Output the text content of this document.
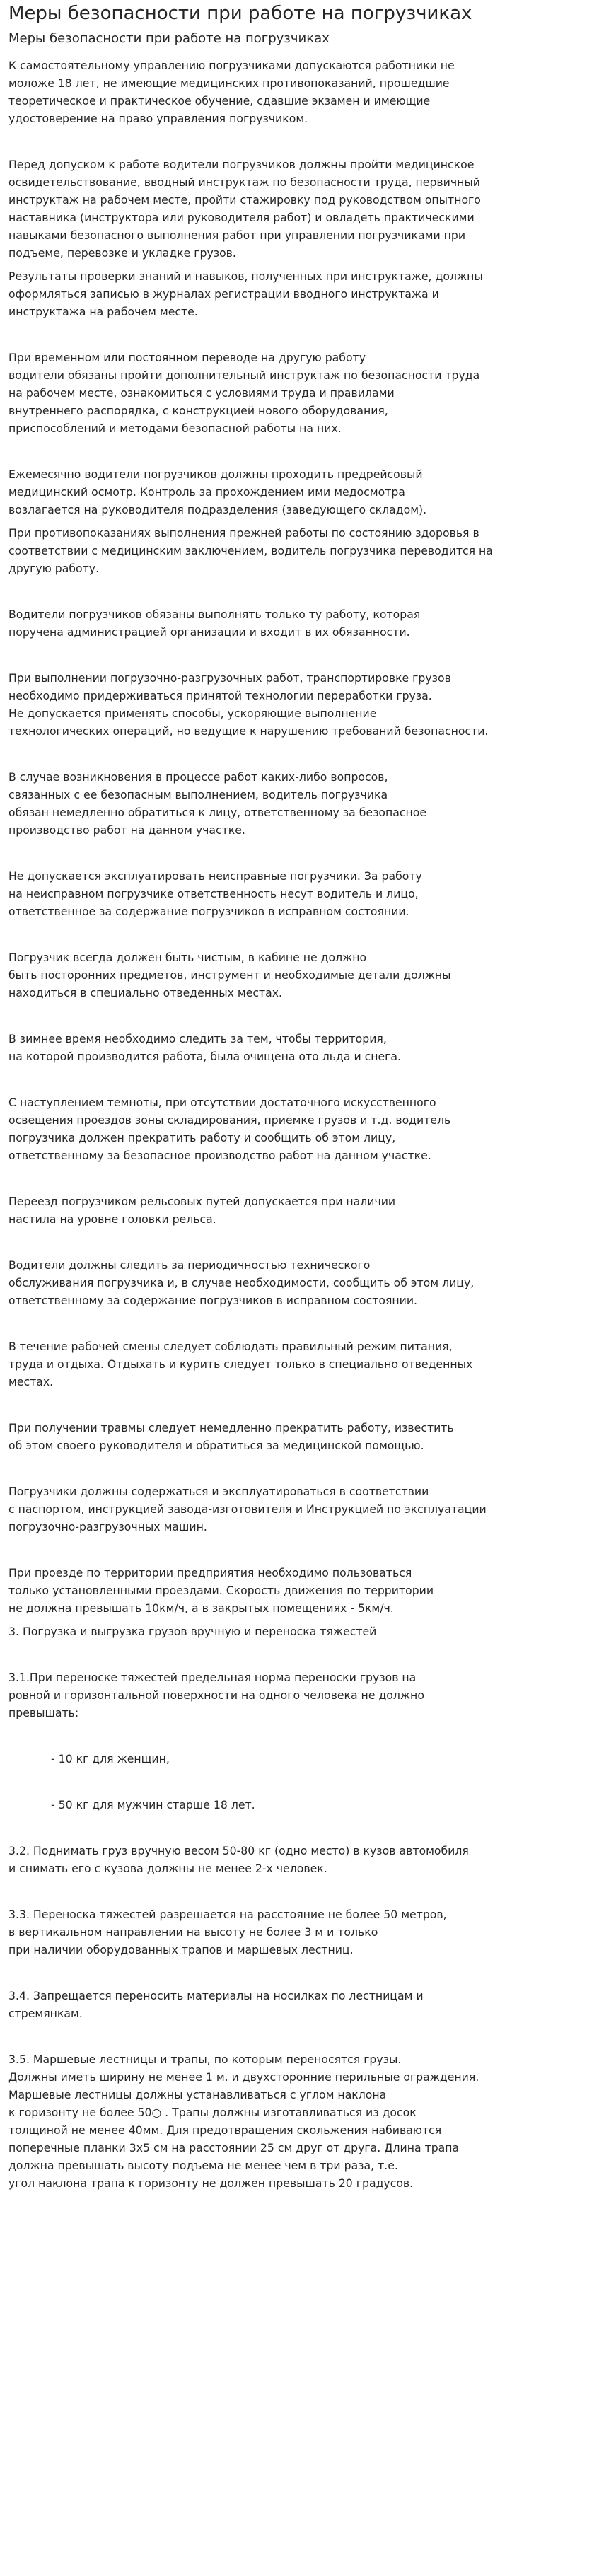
Меры безопасности при работе на погрузчиках
Меры безопасности при работе на погрузчиках

К самостоятельному управлению погрузчиками допускаются работники не
моложе 18 лет, не имеющие медицинских противопоказаний, прошедшие
теоретическое и практическое обучение, сдавшие экзамен и имеющие
удостоверение на право управления погрузчиком.

Перед допуском к работе водители погрузчиков должны пройти медицинское
освидетельствование, вводный инструктаж по безопасности труда, первичный
инструктаж на рабочем месте, пройти стажировку под руководством опытного
наставника (инструктора или руководителя работ) и овладеть практическими
навыками безопасного выполнения работ при управлении погрузчиками при
подъеме, перевозке и укладке грузов.

Результаты проверки знаний и навыков, полученных при инструктаже, должны
оформляться записью в журналах регистрации вводного инструктажа и
инструктажа на рабочем месте.

При временном или постоянном переводе на другую работу
водители обязаны пройти дополнительный инструктаж по безопасности труда
на рабочем месте, ознакомиться с условиями труда и правилами
внутреннего распорядка, с конструкцией нового оборудования,
приспособлений и методами безопасной работы на них.

Ежемесячно водители погрузчиков должны проходить предрейсовый
медицинский осмотр. Контроль за прохождением ими медосмотра
возлагается на руководителя подразделения (заведующего складом).

При противопоказаниях выполнения прежней работы по состоянию здоровья в
соответствии с медицинским заключением, водитель погрузчика переводится на
другую работу.

Водители погрузчиков обязаны выполнять только ту работу, которая
поручена администрацией организации и входит в их обязанности.

При выполнении погрузочно-разгрузочных работ, транспортировке грузов
необходимо придерживаться принятой технологии переработки груза.
Не допускается применять способы, ускоряющие выполнение
технологических операций, но ведущие к нарушению требований безопасности.

В случае возникновения в процессе работ каких-либо вопросов,
связанных с ее безопасным выполнением, водитель погрузчика
обязан немедленно обратиться к лицу, ответственному за безопасное
производство работ на данном участке.

Не допускается эксплуатировать неисправные погрузчики. За работу
на неисправном погрузчике ответственность несут водитель и лицо,
ответственное за содержание погрузчиков в исправном состоянии.

Погрузчик всегда должен быть чистым, в кабине не должно
быть посторонних предметов, инструмент и необходимые детали должны
находиться в специально отведенных местах.

В зимнее время необходимо следить за тем, чтобы территория,
на которой производится работа, была очищена ото льда и снега.

С наступлением темноты, при отсутствии достаточного искусственного
освещения проездов зоны складирования, приемке грузов и т.д. водитель
погрузчика должен прекратить работу и сообщить об этом лицу,
ответственному за безопасное производство работ на данном участке.

Переезд погрузчиком рельсовых путей допускается при наличии
настила на уровне головки рельса.

Водители должны следить за периодичностью технического
обслуживания погрузчика и, в случае необходимости, сообщить об этом лицу,
ответственному за содержание погрузчиков в исправном состоянии.

В течение рабочей смены следует соблюдать правильный режим питания,
труда и отдыха. Отдыхать и курить следует только в специально отведенных
местах.

При получении травмы следует немедленно прекратить работу, известить
об этом своего руководителя и обратиться за медицинской помощью.

Погрузчики должны содержаться и эксплуатироваться в соответствии
с паспортом, инструкцией завода-изготовителя и Инструкцией по эксплуатации
погрузочно-разгрузочных машин.

При проезде по территории предприятия необходимо пользоваться
только установленными проездами. Скорость движения по территории
не должна превышать 10км/ч, а в закрытых помещениях - 5км/ч.

3. Погрузка и выгрузка грузов вручную и переноска тяжестей

3.1.При переноске тяжестей предельная норма переноски грузов на
ровной и горизонтальной поверхности на одного человека не должно
превышать:

- 10 кг для женщин,

- 50 кг для мужчин старше 18 лет.

3.2. Поднимать груз вручную весом 50-80 кг (одно место) в кузов автомобиля
и снимать его с кузова должны не менее 2-х человек.

3.3. Переноска тяжестей разрешается на расстояние не более 50 метров,
в вертикальном направлении на высоту не более 3 м и только
при наличии оборудованных трапов и маршевых лестниц.

3.4. Запрещается переносить материалы на носилках по лестницам и
стремянкам.

3.5. Маршевые лестницы и трапы, по которым переносятся грузы.
Должны иметь ширину не менее 1 м. и двухсторонние перильные ограждения.
Маршевые лестницы должны устанавливаться с углом наклона
к горизонту не более 50○ . Трапы должны изготавливаться из досок
толщиной не менее 40мм. Для предотвращения скольжения набиваются
поперечные планки 3х5 см на расстоянии 25 см друг от друга. Длина трапа
должна превышать высоту подъема не менее чем в три раза, т.е.
угол наклона трапа к горизонту не должен превышать 20 градусов.
